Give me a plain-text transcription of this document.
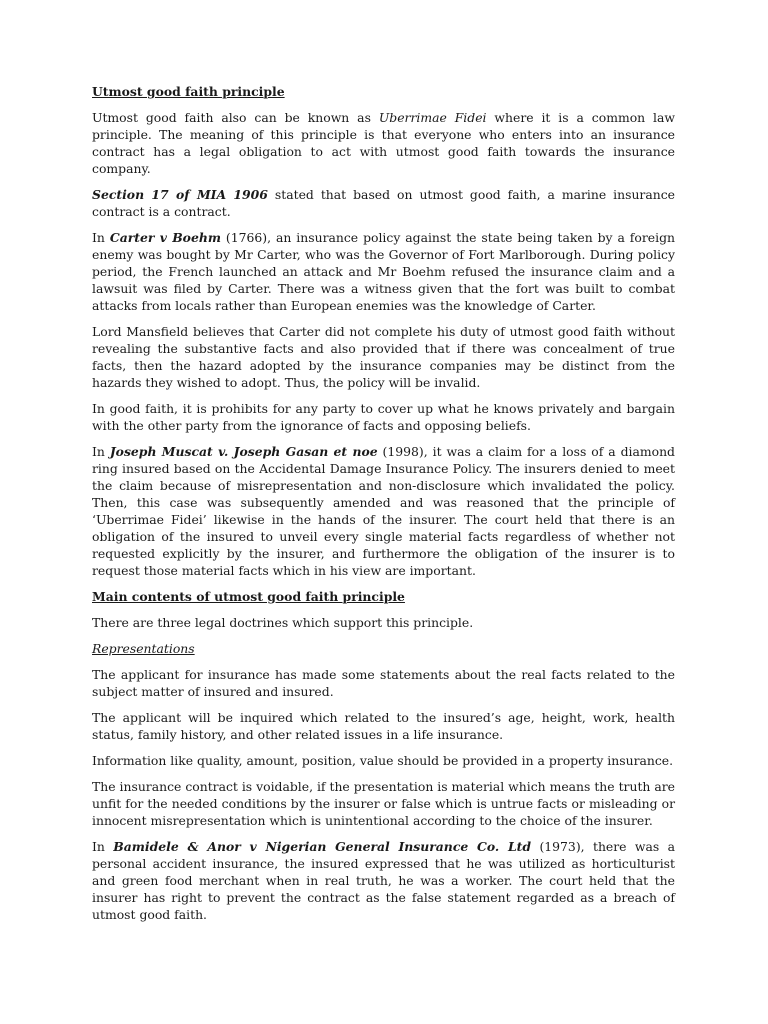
Utmost good faith principle

Utmost good faith also can be known as Uberrimae Fidei where it is a common law principle. The meaning of this principle is that everyone who enters into an insurance contract has a legal obligation to act with utmost good faith towards the insurance company.

Section 17 of MIA 1906 stated that based on utmost good faith, a marine insurance contract is a contract.

In Carter v Boehm (1766), an insurance policy against the state being taken by a foreign enemy was bought by Mr Carter, who was the Governor of Fort Marlborough. During policy period, the French launched an attack and Mr Boehm refused the insurance claim and a lawsuit was filed by Carter. There was a witness given that the fort was built to combat attacks from locals rather than European enemies was the knowledge of Carter.

Lord Mansfield believes that Carter did not complete his duty of utmost good faith without revealing the substantive facts and also provided that if there was concealment of true facts, then the hazard adopted by the insurance companies may be distinct from the hazards they wished to adopt. Thus, the policy will be invalid.

In good faith, it is prohibits for any party to cover up what he knows privately and bargain with the other party from the ignorance of facts and opposing beliefs.

In Joseph Muscat v. Joseph Gasan et noe (1998), it was a claim for a loss of a diamond ring insured based on the Accidental Damage Insurance Policy. The insurers denied to meet the claim because of misrepresentation and non-disclosure which invalidated the policy. Then, this case was subsequently amended and was reasoned that the principle of ‘Uberrimae Fidei’ likewise in the hands of the insurer. The court held that there is an obligation of the insured to unveil every single material facts regardless of whether not requested explicitly by the insurer, and furthermore the obligation of the insurer is to request those material facts which in his view are important.

Main contents of utmost good faith principle

There are three legal doctrines which support this principle.

Representations

The applicant for insurance has made some statements about the real facts related to the subject matter of insured and insured.

The applicant will be inquired which related to the insured’s age, height, work, health status, family history, and other related issues in a life insurance.

Information like quality, amount, position, value should be provided in a property insurance.

The insurance contract is voidable, if the presentation is material which means the truth are unfit for the needed conditions by the insurer or false which is untrue facts or misleading or innocent misrepresentation which is unintentional according to the choice of the insurer.

In Bamidele & Anor v Nigerian General Insurance Co. Ltd (1973), there was a personal accident insurance, the insured expressed that he was utilized as horticulturist and green food merchant when in real truth, he was a worker. The court held that the insurer has right to prevent the contract as the false statement regarded as a breach of utmost good faith.
